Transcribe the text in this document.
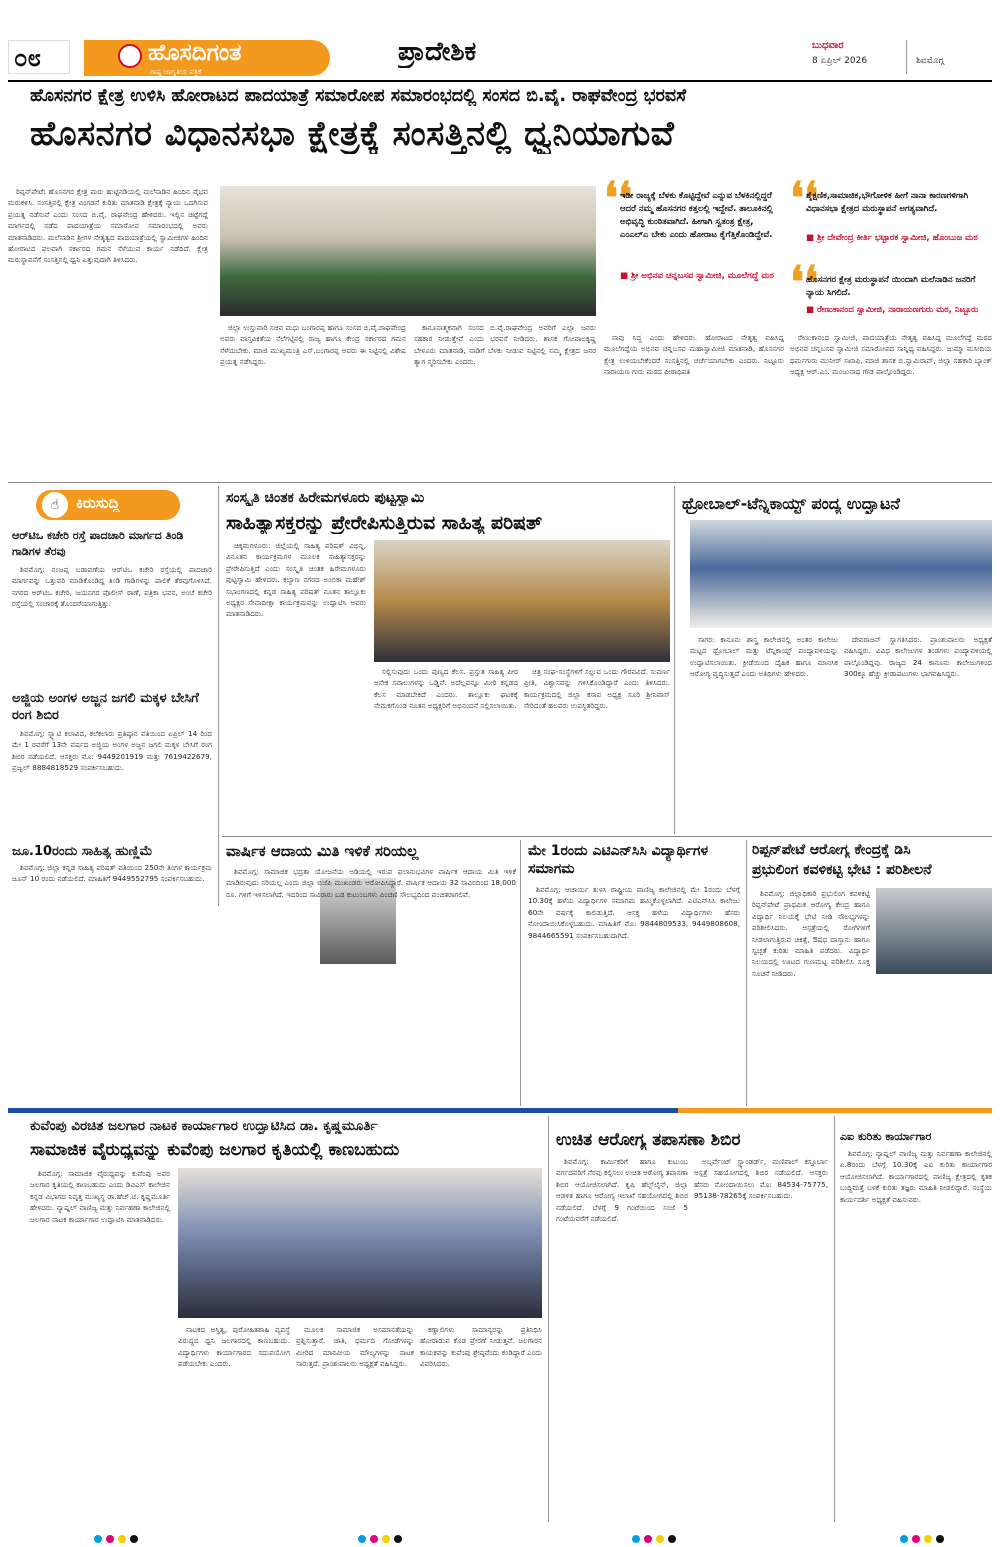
೦೮	ಹೊಸದಿಗಂತ
ರಾಷ್ಟ್ರ ಜಾಗೃತಿಯ ಪತ್ರಿಕೆ
ಪ್ರಾದೇಶಿಕ	ಬುಧವಾರ
8 ಏಪ್ರಿಲ್ 2026	ಶಿವಮೊಗ್ಗ
ಹೊಸನಗರ ಕ್ಷೇತ್ರ ಉಳಿಸಿ ಹೋರಾಟದ ಪಾದಯಾತ್ರೆ ಸಮಾರೋಪ ಸಮಾರಂಭದಲ್ಲಿ ಸಂಸದ ಬಿ.ವೈ. ರಾಘವೇಂದ್ರ ಭರವಸೆ
ಹೊಸನಗರ ವಿಧಾನಸಭಾ ಕ್ಷೇತ್ರಕ್ಕೆ ಸಂಸತ್ತಿನಲ್ಲಿ ಧ್ವನಿಯಾಗುವೆ

ರಿಪ್ಪನ್‌ಪೇಟೆ: ಹೊಸನಗರ ಕ್ಷೇತ್ರ ಮರು ಹುಟ್ಟಿನಡಿಯಲ್ಲಿ ಮಲೆನಾಡಿನ ಹಿಂದಿನ ವೈಭವ ಮರುಕಳಿಸಿ. ಸಂಸತ್ತಿನಲ್ಲಿ ಕ್ಷೇತ್ರ ವಿಂಗಡನೆ ಕುರಿತು ಮಾತನಾಡಿ ಕ್ಷೇತ್ರಕ್ಕೆ ನ್ಯಾಯ ಒದಗಿಸುವ ಪ್ರಯತ್ನ ನಡೆಸುವೆ ಎಂದು ಸಂಸದ ಬಿ.ವೈ. ರಾಘವೇಂದ್ರ ಹೇಳಿದರು. ಇಲ್ಲಿನ ಚಿಟ್ಟೆಗದ್ದೆ ಮಾರ್ಗದಲ್ಲಿ ನಡೆದ ಪಾದಯಾತ್ರೆಯ ಸಮಾರೋಪ ಸಮಾರಂಭದಲ್ಲಿ ಅವರು ಮಾತನಾಡಿದರು. ಮಲೆನಾಡಿನ ಶ್ರೀಗಳ ನೇತೃತ್ವದ ಪಾದಯಾತ್ರೆಯಲ್ಲಿ ಸ್ವಾಮೀಜಿಗಳ ಹಿಂದಿನ ಹೋರಾಟದ ಫಲವಾಗಿ ಸರ್ಕಾರದ ಗಮನ ಸೆಳೆಯುವ ಕಾರ್ಯ ನಡೆದಿದೆ. ಕ್ಷೇತ್ರ ಮರುಸ್ಥಾಪನೆಗೆ ಸಂಸತ್ತಿನಲ್ಲಿ ಧ್ವನಿ ಎತ್ತುವುದಾಗಿ ತಿಳಿಸಿದರು.

ಜಿಲ್ಲಾ ಉಸ್ತುವಾರಿ ಸಚಿವ ಮಧು ಬಂಗಾರಪ್ಪ ಹಾಗೂ ಸಂಸದ ಬಿ.ವೈ.ರಾಘವೇಂದ್ರ ಅವರು ವಾಸ್ತವಿಕತೆಯ ನೆಲೆಗಟ್ಟಿನಲ್ಲಿ ರಾಜ್ಯ ಹಾಗೂ ಕೇಂದ್ರ ಸರ್ಕಾರದ ಗಮನ ಸೆಳೆಯಬೇಕು. ಮಾಜಿ ಮುಖ್ಯಮಂತ್ರಿ ಎಸ್.ಬಂಗಾರಪ್ಪ ಅವರು ಈ ನಿಟ್ಟಿನಲ್ಲಿ ವಿಶೇಷ ಪ್ರಯತ್ನ ನಡೆಸಿದ್ದರು.

ಕಾನೂನಾತ್ಮಕವಾಗಿ ಸಂಸದ ಬಿ.ವೈ.ರಾಘವೇಂದ್ರ ಅವರಿಗೆ ಎಲ್ಲಾ ಜನರು ಸಹಕಾರ ನೀಡುತ್ತೇವೆ ಎಂದು ಭರವಸೆ ನೀಡಿದರು. ಶಾಸಕ ಗೋಪಾಲಕೃಷ್ಣ ಬೇಳೂರು ಮಾತನಾಡಿ, ನಾಡಿಗೆ ಬೆಳಕು ನೀಡುವ ನಿಟ್ಟಿನಲ್ಲಿ ನಮ್ಮ ಕ್ಷೇತ್ರದ ಜನರ ತ್ಯಾಗ ಸ್ಮರಿಸಬೇಕು ಎಂದರು.

❛❛
ಇಡೀ ರಾಜ್ಯಕ್ಕೆ ಬೆಳಕು ಕೊಟ್ಟಿದ್ದೇವೆ ಎನ್ನುವ ಬೆಳಕಿನಲ್ಲಿದ್ದರೆ ಆದರೆ ನಮ್ಮ ಹೊಸನಗರ ಕತ್ತಲಲ್ಲಿ ಇದ್ದೇವೆ. ತಾಲೂಕಿನಲ್ಲಿ ಅಭಿವೃದ್ಧಿ ಕುಂಠಿತವಾಗಿದೆ. ಹೀಗಾಗಿ ಸ್ವತಂತ್ರ ಕ್ಷೇತ್ರ, ಎಂಎಲ್‌ಎ ಬೇಕು ಎಂದು ಹೋರಾಟ ಕೈಗೆತ್ತಿಕೊಂಡಿದ್ದೇವೆ.
■ ಶ್ರೀ ಅಭಿನವ ಚನ್ನಬಸವ ಸ್ವಾಮೀಜಿ, ಮೂಲೆಗದ್ದೆ ಮಠ
❛❛
ಶೈಕ್ಷಣಿಕ,ಸಾಮಾಜಿಕ,ಭೌಗೋಳಿಕ ಹೀಗೆ ನಾನಾ ಕಾರಣಗಳಿಗಾಗಿ ವಿಧಾನಸಭಾ ಕ್ಷೇತ್ರದ ಮರುಸ್ಥಾಪನೆ ಅಗತ್ಯವಾಗಿದೆ.
■ ಶ್ರೀ ದೇವೇಂದ್ರ ಕೀರ್ತಿ ಭಟ್ಟಾರಕ ಸ್ವಾಮೀಜಿ, ಹೊಂಬುಜ ಮಠ
❛❛
ಹೊಸನಗರ ಕ್ಷೇತ್ರ ಮರುಸ್ಥಾಪನೆ ಯಿಂದಾಗಿ ಮಲೆನಾಡಿನ ಜನರಿಗೆ ನ್ಯಾಯ ಸಿಗಲಿದೆ.
■ ರೇಣುಕಾನಂದ ಸ್ವಾಮೀಜಿ, ನಾರಾಯಣಗುರು ಮಠ, ನಿಟ್ಟೂರು

ನಾವು ಸಿದ್ಧ ಎಂದು ಹೇಳಿದರು. ಹೋರಾಟದ ನೇತೃತ್ವ ವಹಿಸಿದ್ದ ಮೂಲೆಗದ್ದೆಯ ಅಭಿನವ ಚನ್ನಬಸವ ಮಹಾಸ್ವಾಮೀಜಿ ಮಾತನಾಡಿ, ಹೊಸನಗರ ಕ್ಷೇತ್ರ ಉಳಿಯಬೇಕೆಂದರೆ ಸಂಸತ್ತಿನಲ್ಲಿ ಚರ್ಚೆಯಾಗಬೇಕು ಎಂದರು. ನಿಟ್ಟೂರು ನಾರಾಯಣ ಗುರು ಮಠದ ಪೀಠಾಧಿಪತಿ

ರೇಣುಕಾನಂದ ಸ್ವಾಮೀಜಿ, ಪಾದಯಾತ್ರೆಯ ನೇತೃತ್ವ ವಹಿಸಿದ್ದ ಮೂಲೆಗದ್ದೆ ಮಠದ ಅಭಿನವ ಚನ್ನಬಸವ ಸ್ವಾಮೀಜಿ ಸಮಾರೋಪದ ಸಾನ್ನಿಧ್ಯ ವಹಿಸಿದ್ದರು. ಜುಮ್ಮಾ ಮಸೀದಿಯ ಧರ್ಮಗುರು ಮುನೀರ್ ಸಖಾಫಿ, ಮಾಜಿ ಶಾಸಕ ಬಿ.ಸ್ವಾಮಿರಾವ್, ಜಿಲ್ಲಾ ಸಹಕಾರಿ ಬ್ಯಾಂಕ್ ಅಧ್ಯಕ್ಷ ಆರ್.ಎಂ. ಮಂಜುನಾಥ ಗೌಡ ಪಾಲ್ಗೊಂಡಿದ್ದರು.

☝	ಕಿರುಸುದ್ದಿ
ಆರ್‌ಟಿಒ ಕಚೇರಿ ರಸ್ತೆ ಪಾದಚಾರಿ ಮಾರ್ಗದ ತಿಂಡಿ ಗಾಡಿಗಳ ತೆರವು

ಶಿವಮೊಗ್ಗ: ನಂಜಪ್ಪ ಬಡಾವಣೆಯ ಆರ್‌ಟಿಒ ಕಚೇರಿ ರಸ್ತೆಯಲ್ಲಿ ಪಾದಚಾರಿ ಮಾರ್ಗವನ್ನು ಒತ್ತುವರಿ ಮಾಡಿಕೊಂಡಿದ್ದ ತಿಂಡಿ ಗಾಡಿಗಳನ್ನು ಪಾಲಿಕೆ ತೆರವುಗೊಳಿಸಿದೆ. ನಗರದ ಆರ್‌ಟಿಒ ಕಚೇರಿ, ಜಯನಗರ ಪೊಲೀಸ್ ಠಾಣೆ, ಪತ್ರಿಕಾ ಭವನ, ಅಂಚೆ ಕಚೇರಿ ರಸ್ತೆಯಲ್ಲಿ ಸಂಚಾರಕ್ಕೆ ತೊಂದರೆಯಾಗುತ್ತಿತ್ತು.

ಅಜ್ಜಿಯ ಅಂಗಳ ಅಜ್ಜನ ಜಗಲಿ ಮಕ್ಕಳ ಬೇಸಿಗೆ ರಂಗ ಶಿಬಿರ

ಶಿವಮೊಗ್ಗ: ಸ್ನ್ಯಾಟಿ ಕಲಾವಿದ, ಕಲೆಕಲಾರು ಪ್ರತಿಷ್ಠಾನ ವತಿಯಿಂದ ಏಪ್ರಿಲ್ 14 ರಿಂದ ಮೇ 1 ರವರೆಗೆ 13ನೇ ವರ್ಷದ ಅಜ್ಜಿಯ ಅಂಗಳ ಅಜ್ಜನ ಜಗಲಿ ಮಕ್ಕಳ ಬೇಸಿಗೆ ರಂಗ ಶಿಬಿರ ನಡೆಯಲಿದೆ. ಆಸಕ್ತರು ಮೊ: 9449201919 ಮತ್ತು 7619422679, ಪ್ರಜ್ವಲ್ 8884818529 ಸಂಪರ್ಕಿಸಬಹುದು.

ಜೂ.10ರಂದು ಸಾಹಿತ್ಯ ಹುಣ್ಣಿಮೆ

ಶಿವಮೊಗ್ಗ: ಜಿಲ್ಲಾ ಕನ್ನಡ ಸಾಹಿತ್ಯ ಪರಿಷತ್ ವತಿಯಿಂದ 250ನೇ ತಿಂಗಳ ಕಾರ್ಯಕ್ರಮ ಜೂನ್ 10 ರಂದು ನಡೆಯಲಿದೆ. ಮಾಹಿತಿಗೆ 9449552795 ಸಂಪರ್ಕಿಸಬಹುದು.

ಸಂಸ್ಕೃತಿ ಚಿಂತಕ ಹಿರೇಮಗಳೂರು ಪುಟ್ಟಸ್ವಾಮಿ
ಸಾಹಿತ್ಯಾಸಕ್ತರನ್ನು ಪ್ರೇರೇಪಿಸುತ್ತಿರುವ ಸಾಹಿತ್ಯ ಪರಿಷತ್

ಚಿಕ್ಕಮಗಳೂರು: ಜಿಲ್ಲೆಯಲ್ಲಿ ಸಾಹಿತ್ಯ ಪರಿಷತ್ ವಿಭಿನ್ನ, ವಿನೂತನ ಕಾರ್ಯಕ್ರಮಗಳ ಮೂಲಕ ಸಾಹಿತ್ಯಾಸಕ್ತರನ್ನು ಪ್ರೇರೇಪಿಸುತ್ತಿದೆ ಎಂದು ಸಂಸ್ಕೃತಿ ಚಿಂತಕ ಹಿರೇಮಗಳೂರು ಪುಟ್ಟಸ್ವಾಮಿ ಹೇಳಿದರು. ಕಲ್ಯಾಣ ನಗರದ ಅಂಬಿಕಾ ಮಹೇಶ್ ಸಭಾಂಗಣದಲ್ಲಿ ಕನ್ನಡ ಸಾಹಿತ್ಯ ಪರಿಷತ್ ನೂತನ ತಾಲ್ಲೂಕು ಅಧ್ಯಕ್ಷರ ಸೇವಾದೀಕ್ಷಾ ಕಾರ್ಯಕ್ರಮವನ್ನು ಉದ್ಘಾಟಿಸಿ ಅವರು ಮಾತನಾಡಿದರು.

ಸಲ್ಲಿಸುವುದು ಒಂದು ಪುಣ್ಯದ ಕೆಲಸ. ಪ್ರಸ್ತುತ ಸಾಹಿತ್ಯ ಪೀಠ ಅನೇಕ ಸವಾಲುಗಳನ್ನು ಒಡ್ಡಿವೆ. ಅದೆಲ್ಲವನ್ನೂ ಮೀರಿ ಕನ್ನಡದ ಕೆಲಸ ಮಾಡಬೇಕಿದೆ ಎಂದರು. ತಾಲ್ಲೂಕು ಘಟಕಕ್ಕೆ ನೇಮಕಗೊಂಡ ನೂತನ ಅಧ್ಯಕ್ಷರಿಗೆ ಅಭಿನಂದನೆ ಸಲ್ಲಿಸಲಾಯಿತು.

ಚಿತ್ರ ಸಂಘ-ಸಂಸ್ಥೆಗಳಿಗೆ ಸಲ್ಲುವ ಒಂದು ಗೌರವವಿದೆ. ಸುವರ್ಣ ಪ್ರೀತಿ, ವಿಶ್ವಾಸವನ್ನು ಗಳಿಸಿಕೊಂಡಿದ್ದಾರೆ ಎಂದು ತಿಳಿಸಿದರು. ಕಾರ್ಯಕ್ರಮದಲ್ಲಿ ಜಿಲ್ಲಾ ಕಸಾಪ ಅಧ್ಯಕ್ಷ ಸೂರಿ ಶ್ರೀನಿವಾಸ್ ಸೇರಿದಂತೆ ಹಲವರು ಉಪಸ್ಥಿತರಿದ್ದರು.

ಥ್ರೋಬಾಲ್-ಟೆನ್ನಿಕಾಯ್ಟ್ ಪಂದ್ಯ ಉದ್ಘಾಟನೆ

ಸಾಗರ: ಕಾನೂನು ಶಾಸ್ತ್ರ ಕಾಲೇಜಿನಲ್ಲಿ ಅಂತರ ಕಾಲೇಜು ಮಟ್ಟದ ಥ್ರೋಬಾಲ್ ಮತ್ತು ಟೆನ್ನಿಕಾಯ್ಟ್ ಪಂದ್ಯಾವಳಿಯನ್ನು ಉದ್ಘಾಟಿಸಲಾಯಿತು. ಕ್ರೀಡೆಯಿಂದ ದೈಹಿಕ ಹಾಗೂ ಮಾನಸಿಕ ಆರೋಗ್ಯ ವೃದ್ಧಿಸುತ್ತದೆ ಎಂದು ಅತಿಥಿಗಳು ಹೇಳಿದರು.

ದೇವರಾಜನ್ ಸ್ವಾಗತಿಸಿದರು. ಪ್ರಾಂಶುಪಾಲರು ಅಧ್ಯಕ್ಷತೆ ವಹಿಸಿದ್ದರು. ವಿವಿಧ ಕಾಲೇಜುಗಳ ತಂಡಗಳು ಪಂದ್ಯಾವಳಿಯಲ್ಲಿ ಪಾಲ್ಗೊಂಡಿದ್ದವು. ರಾಜ್ಯದ 24 ಕಾನೂನು ಕಾಲೇಜುಗಳಿಂದ 300ಕ್ಕೂ ಹೆಚ್ಚು ಕ್ರೀಡಾಪಟುಗಳು ಭಾಗವಹಿಸಿದ್ದರು.

ವಾರ್ಷಿಕ ಆದಾಯ ಮಿತಿ ಇಳಿಕೆ ಸರಿಯಲ್ಲ

ಶಿವಮೊಗ್ಗ: ಸಾಮಾಜಿಕ ಭದ್ರತಾ ಯೋಜನೆಯ ಅಡಿಯಲ್ಲಿ ಇರುವ ಫಲಾನುಭವಿಗಳ ವಾರ್ಷಿಕ ಆದಾಯ ಮಿತಿ ಇಳಿಕೆ ಮಾಡಿರುವುದು ಸರಿಯಲ್ಲ ಎಂದು ಜಿಲ್ಲಾ ಬಿಜೆಪಿ ಮುಖಂಡರು ಆರೋಪಿಸಿದ್ದಾರೆ. ವಾರ್ಷಿಕ ಆದಾಯ 32 ಸಾವಿರದಿಂದ 18,000 ರೂ. ಗಳಿಗೆ ಇಳಿಸಲಾಗಿದೆ. ಇದರಿಂದ ಸಾವಿರಾರು ಬಡ ಕುಟುಂಬಗಳು ಪಿಂಚಣಿ ಸೌಲಭ್ಯದಿಂದ ವಂಚಿತರಾಗಲಿವೆ.

ಮೇ 1ರಂದು ಎಟಿಎನ್‌ಸಿಸಿ ವಿದ್ಯಾರ್ಥಿಗಳ ಸಮಾಗಮ

ಶಿವಮೊಗ್ಗ: ಆಚಾರ್ಯ ತುಳಸಿ ರಾಷ್ಟ್ರೀಯ ವಾಣಿಜ್ಯ ಕಾಲೇಜಿನಲ್ಲಿ ಮೇ 1ರಂದು ಬೆಳಗ್ಗೆ 10.30ಕ್ಕೆ ಹಳೆಯ ವಿದ್ಯಾರ್ಥಿಗಳ ಸಮಾಗಮ ಹಮ್ಮಿಕೊಳ್ಳಲಾಗಿದೆ. ಎಟಿಎನ್‌ಸಿಸಿ ಕಾಲೇಜು 60ನೇ ವರ್ಷಕ್ಕೆ ಕಾಲಿಡುತ್ತಿದೆ. ಆಸಕ್ತ ಹಳೆಯ ವಿದ್ಯಾರ್ಥಿಗಳು ಹೆಸರು ನೋಂದಾಯಿಸಿಕೊಳ್ಳಬಹುದು. ಮಾಹಿತಿಗೆ ಮೊ: 9844809533, 9449808608, 9844665591 ಸಂಪರ್ಕಿಸಬಹುದಾಗಿದೆ.

ರಿಪ್ಪನ್‌ಪೇಟೆ ಆರೋಗ್ಯ ಕೇಂದ್ರಕ್ಕೆ ಡಿಸಿ
ಪ್ರಭುಲಿಂಗ ಕವಳಿಕಟ್ಟಿ ಭೇಟಿ : ಪರಿಶೀಲನೆ

ಶಿವಮೊಗ್ಗ: ಜಿಲ್ಲಾಧಿಕಾರಿ ಪ್ರಭುಲಿಂಗ ಕವಳಿಕಟ್ಟಿ ರಿಪ್ಪನ್‌ಪೇಟೆ ಪ್ರಾಥಮಿಕ ಆರೋಗ್ಯ ಕೇಂದ್ರ ಹಾಗೂ ವಿದ್ಯಾರ್ಥಿ ನಿಲಯಕ್ಕೆ ಭೇಟಿ ನೀಡಿ ಸೌಲಭ್ಯಗಳನ್ನು ಪರಿಶೀಲಿಸಿದರು. ಆಸ್ಪತ್ರೆಯಲ್ಲಿ ರೋಗಿಗಳಿಗೆ ನೀಡಲಾಗುತ್ತಿರುವ ಚಿಕಿತ್ಸೆ, ಔಷಧ ದಾಸ್ತಾನು ಹಾಗೂ ಸ್ವಚ್ಛತೆ ಕುರಿತು ಮಾಹಿತಿ ಪಡೆದರು. ವಿದ್ಯಾರ್ಥಿ ನಿಲಯದಲ್ಲಿ ಊಟದ ಗುಣಮಟ್ಟ ಪರಿಶೀಲಿಸಿ ಸೂಕ್ತ ಸೂಚನೆ ನೀಡಿದರು.

ಕುವೆಂಪು ವಿರಚಿತ ಜಲಗಾರ ನಾಟಕ ಕಾರ್ಯಾಗಾರ ಉದ್ಘಾಟಿಸಿದ ಡಾ. ಕೃಷ್ಣಮೂರ್ತಿ
ಸಾಮಾಜಿಕ ವೈರುಧ್ಯವನ್ನು ಕುವೆಂಪು ಜಲಗಾರ ಕೃತಿಯಲ್ಲಿ ಕಾಣಬಹುದು

ಶಿವಮೊಗ್ಗ: ಸಾಮಾಜಿಕ ವೈರುಧ್ಯವನ್ನು ಕುವೆಂಪು ಅವರ ಜಲಗಾರ ಕೃತಿಯಲ್ಲಿ ಕಾಣಬಹುದು ಎಂದು ಡಿವಿಎಸ್ ಕಾಲೇಜಿನ ಕನ್ನಡ ವಿಭಾಗದ ನಿವೃತ್ತ ಮುಖ್ಯಸ್ಥ ಡಾ.ಹೆಚ್.ಟಿ. ಕೃಷ್ಣಮೂರ್ತಿ ಹೇಳಿದರು. ನ್ಯಾಷ್ನಲ್ ವಾಣಿಜ್ಯ ಮತ್ತು ನಿರ್ವಹಣಾ ಕಾಲೇಜಿನಲ್ಲಿ ಜಲಗಾರ ನಾಟಕ ಕಾರ್ಯಾಗಾರ ಉದ್ಘಾಟಿಸಿ ಮಾತನಾಡಿದರು.

ನಾಟಕದ ಅಸ್ತಿತ್ವ, ಪುರೋಹಿತಶಾಹಿ ವ್ಯವಸ್ಥೆ ವಿರುದ್ಧದ ಧ್ವನಿ ಜಲಗಾರದಲ್ಲಿ ಕಾಣಬಹುದು. ವಿದ್ಯಾರ್ಥಿಗಳು ಕಾರ್ಯಾಗಾರದ ಸದುಪಯೋಗ ಪಡೆಯಬೇಕು ಎಂದರು.

ಮೂಲಕ ಸಾಮಾಜಿಕ ಅಸಮಾನತೆಯನ್ನು ಪ್ರಶ್ನಿಸುತ್ತಾರೆ. ಜಾತಿ, ಧರ್ಮದ ಗೋಡೆಗಳನ್ನು ಮೀರಿದ ಮಾನವೀಯ ಮೌಲ್ಯಗಳನ್ನು ನಾಟಕ ಸಾರುತ್ತದೆ. ಪ್ರಾಂಶುಪಾಲರು ಅಧ್ಯಕ್ಷತೆ ವಹಿಸಿದ್ದರು.

ಕಣ್ಣಾಲಿಗಳು ಸಾಮಾನ್ಯರನ್ನು ಪ್ರತಿನಿಧಿಸಿ ಹೋರಾಡುವ ಕೊಡ ಪ್ರೇರಣೆ ನೀಡುತ್ತವೆ. ಜಲಗಾರನ ಕಾಯಕವನ್ನು ಕುವೆಂಪು ಶ್ರೇಷ್ಠವೆಂದು ಕಂಡಿದ್ದಾರೆ ಎಂದು ವಿವರಿಸಿದರು.

ಉಚಿತ ಆರೋಗ್ಯ ತಪಾಸಣಾ ಶಿಬಿರ

ಶಿವಮೊಗ್ಗ: ಕಾರ್ಮಿಕರಿಗೆ ಹಾಗೂ ಕುಟುಂಬ ವರ್ಗದವರಿಗೆ ನೆರವು ಕಲ್ಪಿಸಲು ಉಚಿತ ಆರೋಗ್ಯ ತಪಾಸಣಾ ಶಿಬಿರ ಆಯೋಜಿಸಲಾಗಿದೆ. ಕೃಷಿ ಹೆಲ್ಪ್‌ಲೈನ್, ಜಿಲ್ಲಾ ಆಡಳಿತ ಹಾಗೂ ಆರೋಗ್ಯ ಇಲಾಖೆ ಸಹಯೋಗದಲ್ಲಿ ಶಿಬಿರ ನಡೆಯಲಿದೆ. ಬೆಳಗ್ಗೆ 9 ಗಂಟೆಯಿಂದ ಸಂಜೆ 5 ಗಂಟೆಯವರೆಗೆ ನಡೆಯಲಿದೆ.

ಅಬ್ಸರ್ವೆಂಟ್ ಸ್ಟ್ಯಾಂಡರ್ಡ್, ಮಣಿಪಾಲ್ ಕಸ್ತೂರ್ಬಾ ಆಸ್ಪತ್ರೆ ಸಹಯೋಗದಲ್ಲಿ ಶಿಬಿರ ನಡೆಯಲಿದೆ. ಆಸಕ್ತರು ಹೆಸರು ನೋಂದಾಯಿಸಲು ಮೊ: 84534-75775, 95138-78265ಕ್ಕೆ ಸಂಪರ್ಕಿಸಬಹುದು.

ಎಐ ಕುರಿತು ಕಾರ್ಯಾಗಾರ

ಶಿವಮೊಗ್ಗ: ನ್ಯಾಷ್ನಲ್ ವಾಣಿಜ್ಯ ಮತ್ತು ನಿರ್ವಹಣಾ ಕಾಲೇಜಿನಲ್ಲಿ ಏ.8ರಂದು ಬೆಳಗ್ಗೆ 10.30ಕ್ಕೆ ಎಐ ಕುರಿತು ಕಾರ್ಯಾಗಾರ ಆಯೋಜಿಸಲಾಗಿದೆ. ಕಾರ್ಯಾಗಾರದಲ್ಲಿ ವಾಣಿಜ್ಯ ಕ್ಷೇತ್ರದಲ್ಲಿ ಕೃತಕ ಬುದ್ಧಿಮತ್ತೆ ಬಳಕೆ ಕುರಿತು ತಜ್ಞರು ಮಾಹಿತಿ ನೀಡಲಿದ್ದಾರೆ. ಸಂಸ್ಥೆಯ ಕಾರ್ಯದರ್ಶಿ ಅಧ್ಯಕ್ಷತೆ ವಹಿಸುವರು.
